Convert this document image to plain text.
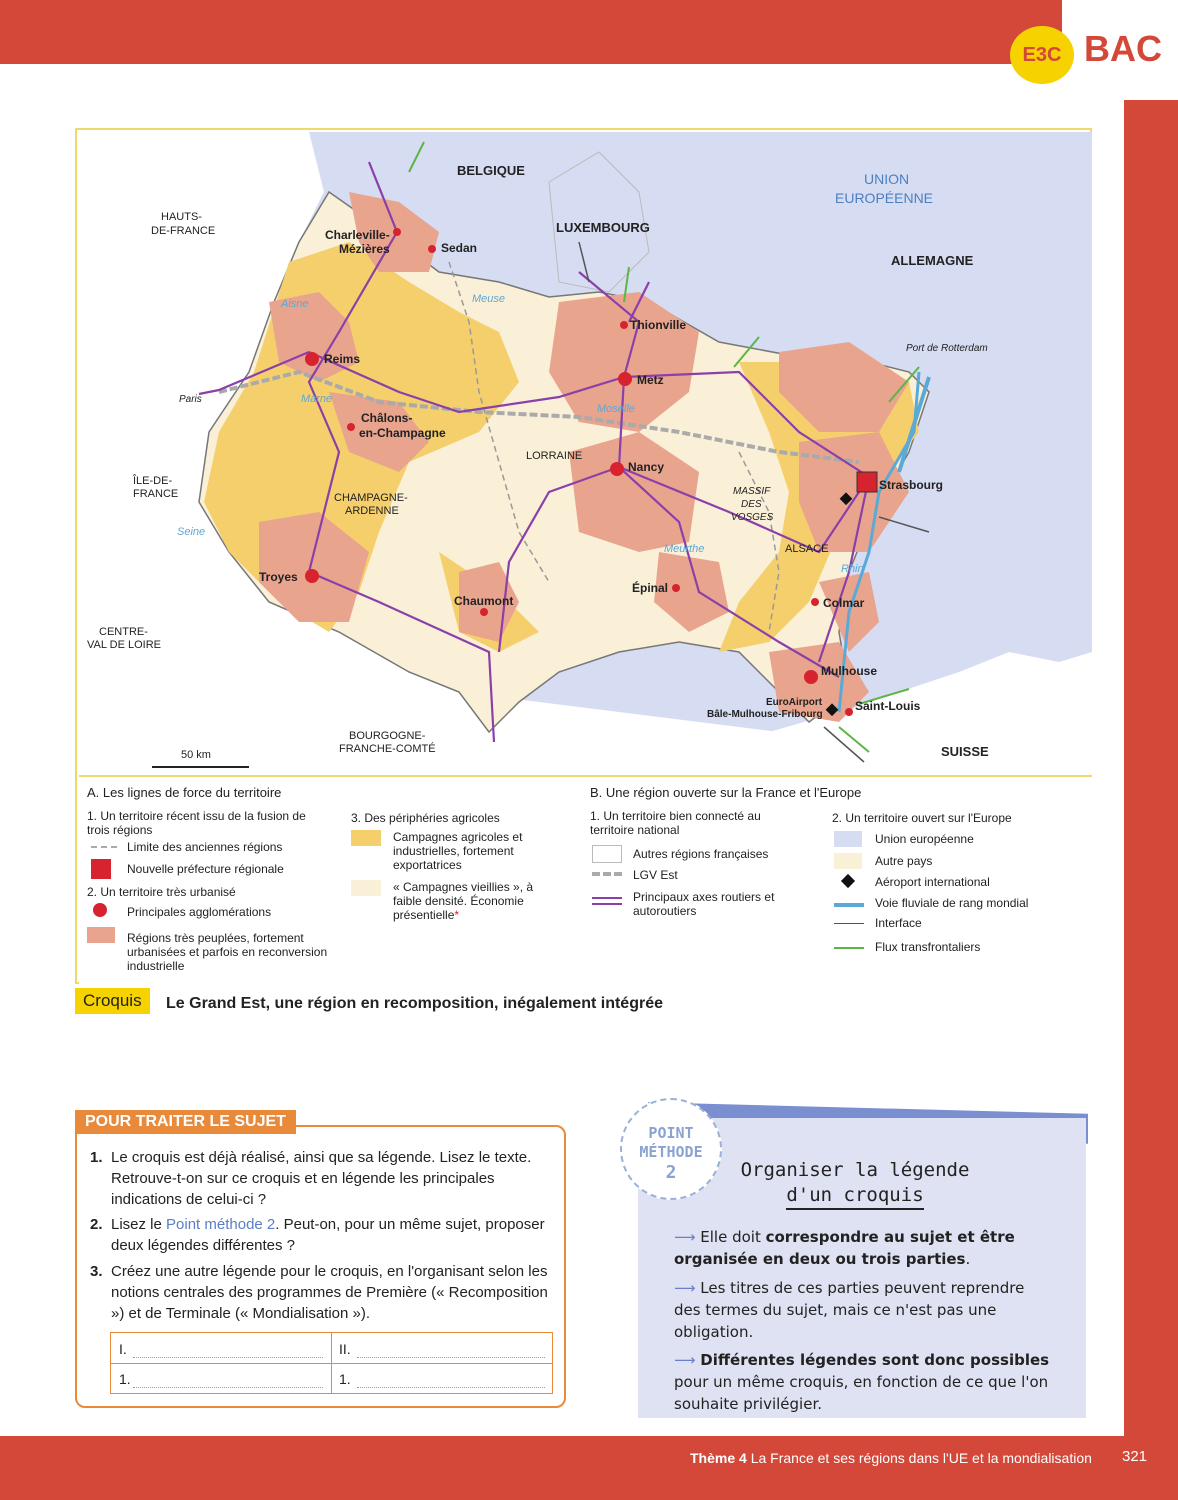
E3C BAC
BELGIQUE
UNION
EUROPÉENNE
LUXEMBOURG
ALLEMAGNE
HAUTS-
DE-FRANCE
ÎLE-DE-
FRANCE
CENTRE-
VAL DE LOIRE
BOURGOGNE-
FRANCHE-COMTÉ	SUISSE
LORRAINE
CHAMPAGNE-
ARDENNE
ALSACE
MASSIF
DES
VOSGES
Port de Rotterdam
Paris
50 km
Aisne
Marne
Seine
Meuse
Moselle
Meurthe
Rhin
Charleville-
Mézières	Sedan
Reims
Châlons-
en-Champagne
Troyes
Chaumont
Thionville
Metz
Nancy
Épinal
Strasbourg
Colmar
Mulhouse
Saint-Louis
EuroAirport
Bâle-Mulhouse-Fribourg
A. Les lignes de force du territoire
1. Un territoire récent issu de la fusion de trois régions
Limite des anciennes régions
Nouvelle préfecture régionale
2. Un territoire très urbanisé
Principales agglomérations
Régions très peuplées, fortement urbanisées et parfois en reconversion industrielle
3. Des périphéries agricoles
Campagnes agricoles et industrielles, fortement exportatrices
« Campagnes vieillies », à faible densité. Économie présentielle*
B. Une région ouverte sur la France et l'Europe
1. Un territoire bien connecté au territoire national
Autres régions françaises
LGV Est
Principaux axes routiers et autoroutiers
2. Un territoire ouvert sur l'Europe
Union européenne
Autre pays
Aéroport international
Voie fluviale de rang mondial
Interface
Flux transfrontaliers
Croquis	Le Grand Est, une région en recomposition, inégalement intégrée
POUR TRAITER LE SUJET
1. Le croquis est déjà réalisé, ainsi que sa légende. Lisez le texte. Retrouve-t-on sur ce croquis et en légende les principales indications de celui-ci ?
2. Lisez le Point méthode 2. Peut-on, pour un même sujet, proposer deux légendes différentes ?
3. Créez une autre légende pour le croquis, en l'organisant selon les notions centrales des programmes de Première (« Recomposition ») et de Terminale (« Mondialisation »).
I.	II.
1.	1.
POINT
MÉTHODE
2	Organiser la légende
d'un croquis
⟶ Elle doit correspondre au sujet et être organisée en deux ou trois parties.
⟶ Les titres de ces parties peuvent reprendre des termes du sujet, mais ce n'est pas une obligation.
⟶ Différentes légendes sont donc possibles pour un même croquis, en fonction de ce que l'on souhaite privilégier.
Thème 4 La France et ses régions dans l'UE et la mondialisation 321
